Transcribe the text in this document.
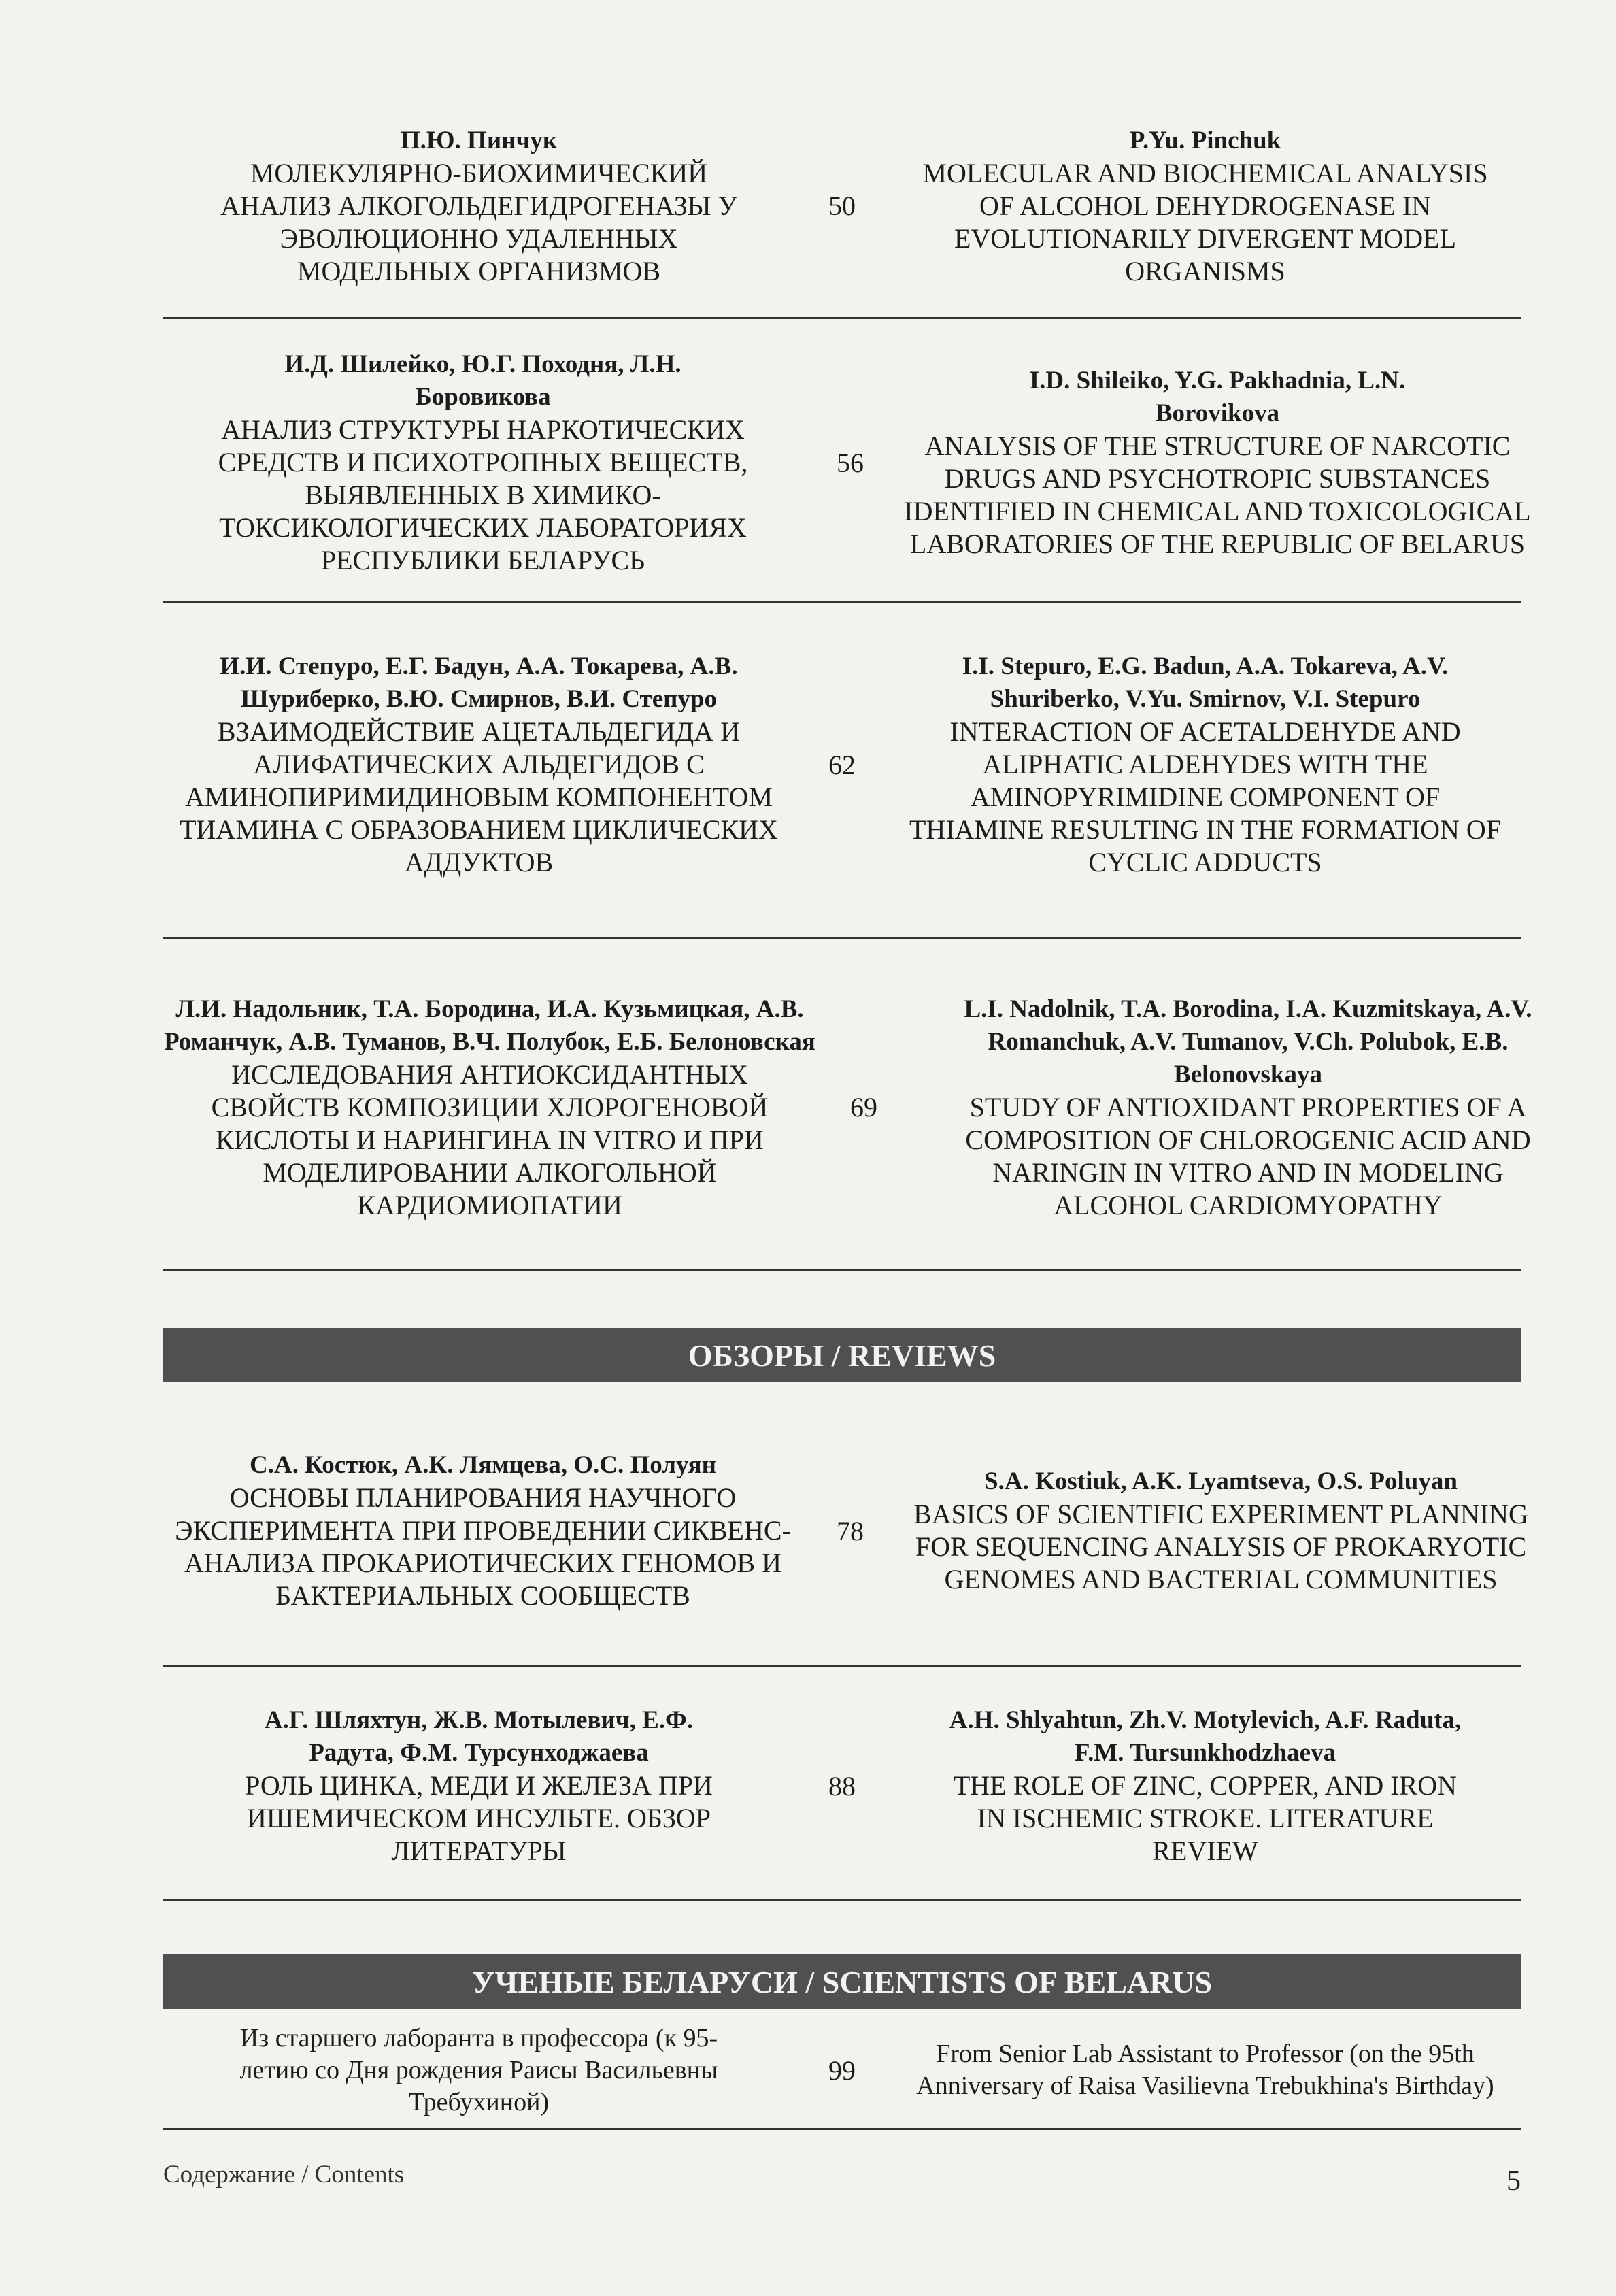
П.Ю. Пинчук
МОЛЕКУЛЯРНО-БИОХИМИЧЕСКИЙ АНАЛИЗ АЛКОГОЛЬДЕГИДРОГЕНАЗЫ У ЭВОЛЮЦИОННО УДАЛЕННЫХ МОДЕЛЬНЫХ ОРГАНИЗМОВ
50
P.Yu. Pinchuk
MOLECULAR AND BIOCHEMICAL ANALYSIS OF ALCOHOL DEHYDROGENASE IN EVOLUTIONARILY DIVERGENT MODEL ORGANISMS
И.Д. Шилейко, Ю.Г. Походня, Л.Н. Боровикова
АНАЛИЗ СТРУКТУРЫ НАРКОТИЧЕСКИХ СРЕДСТВ И ПСИХОТРОПНЫХ ВЕЩЕСТВ, ВЫЯВЛЕННЫХ В ХИМИКО-ТОКСИКОЛОГИЧЕСКИХ ЛАБОРАТОРИЯХ РЕСПУБЛИКИ БЕЛАРУСЬ
56
I.D. Shileiko, Y.G. Pakhadnia, L.N. Borovikova
ANALYSIS OF THE STRUCTURE OF NARCOTIC DRUGS AND PSYCHOTROPIC SUBSTANCES IDENTIFIED IN CHEMICAL AND TOXICOLOGICAL LABORATORIES OF THE REPUBLIC OF BELARUS
И.И. Степуро, Е.Г. Бадун, А.А. Токарева, А.В. Шуриберко, В.Ю. Смирнов, В.И. Степуро
ВЗАИМОДЕЙСТВИЕ АЦЕТАЛЬДЕГИДА И АЛИФАТИЧЕСКИХ АЛЬДЕГИДОВ С АМИНОПИРИМИДИНОВЫМ КОМПОНЕНТОМ ТИАМИНА С ОБРАЗОВАНИЕМ ЦИКЛИЧЕСКИХ АДДУКТОВ
62
I.I. Stepuro, E.G. Badun, A.A. Tokareva, A.V. Shuriberko, V.Yu. Smirnov, V.I. Stepuro
INTERACTION OF ACETALDEHYDE AND ALIPHATIC ALDEHYDES WITH THE AMINOPYRIMIDINE COMPONENT OF THIAMINE RESULTING IN THE FORMATION OF CYCLIC ADDUCTS
Л.И. Надольник, Т.А. Бородина, И.А. Кузьмицкая, А.В. Романчук, А.В. Туманов, В.Ч. Полубок, Е.Б. Белоновская
ИССЛЕДОВАНИЯ АНТИОКСИДАНТНЫХ СВОЙСТВ КОМПОЗИЦИИ ХЛОРОГЕНОВОЙ КИСЛОТЫ И НАРИНГИНА IN VITRO И ПРИ МОДЕЛИРОВАНИИ АЛКОГОЛЬНОЙ КАРДИОМИОПАТИИ
69
L.I. Nadolnik, T.A. Borodina, I.A. Kuzmitskaya, A.V. Romanchuk, A.V. Tumanov, V.Ch. Polubok, E.B. Belonovskaya
STUDY OF ANTIOXIDANT PROPERTIES OF A COMPOSITION OF CHLOROGENIC ACID AND NARINGIN IN VITRO AND IN MODELING ALCOHOL CARDIOMYOPATHY
ОБЗОРЫ / REVIEWS
С.А. Костюк, А.К. Лямцева, О.С. Полуян
ОСНОВЫ ПЛАНИРОВАНИЯ НАУЧНОГО ЭКСПЕРИМЕНТА ПРИ ПРОВЕДЕНИИ СИКВЕНС-АНАЛИЗА ПРОКАРИОТИЧЕСКИХ ГЕНОМОВ И БАКТЕРИАЛЬНЫХ СООБЩЕСТВ
78
S.A. Kostiuk, A.K. Lyamtseva, O.S. Poluyan
BASICS OF SCIENTIFIC EXPERIMENT PLANNING FOR SEQUENCING ANALYSIS OF PROKARYOTIC GENOMES AND BACTERIAL COMMUNITIES
А.Г. Шляхтун, Ж.В. Мотылевич, Е.Ф. Радута, Ф.М. Турсунходжаева
РОЛЬ ЦИНКА, МЕДИ И ЖЕЛЕЗА ПРИ ИШЕМИЧЕСКОМ ИНСУЛЬТЕ. ОБЗОР ЛИТЕРАТУРЫ
88
A.H. Shlyahtun, Zh.V. Motylevich, A.F. Raduta, F.M. Tursunkhodzhaeva
THE ROLE OF ZINC, COPPER, AND IRON IN ISCHEMIC STROKE. LITERATURE REVIEW
УЧЕНЫЕ БЕЛАРУСИ / SCIENTISTS OF BELARUS
Из старшего лаборанта в профессора (к 95-летию со Дня рождения Раисы Васильевны Требухиной)
99
From Senior Lab Assistant to Professor (on the 95th Anniversary of Raisa Vasilievna Trebukhina's Birthday)
Содержание / Contents	5
